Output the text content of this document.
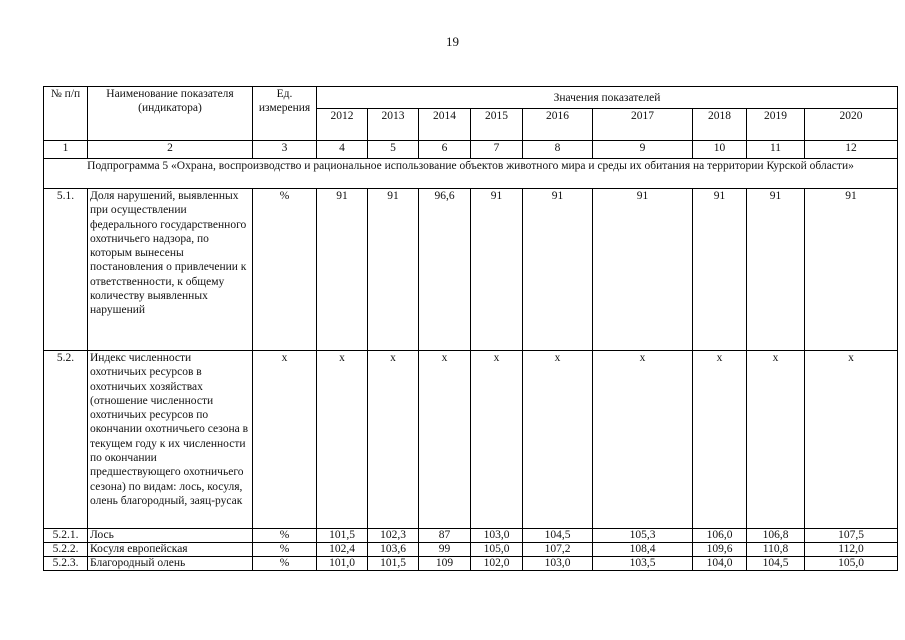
19
№ п/п	Наименование показателя (индикатора)	Ед. измерения	Значения показателей								
			2012	2013	2014	2015	2016	2017	2018	2019	2020
1	2	3	4	5	6	7	8	9	10	11	12
Подпрограмма 5 «Охрана, воспроизводство и рациональное использование объектов животного мира и среды их обитания на территории Курской области»											
5.1.	Доля нарушений, выявленных при осуществлении федерального государственного охотничьего надзора, по которым вынесены постановления о привлечении к ответственности, к общему количеству выявленных нарушений	%	91	91	96,6	91	91	91	91	91	91
5.2.	Индекс численности охотничьих ресурсов в охотничьих хозяйствах (отношение численности охотничьих ресурсов по окончании охотничьего сезона в текущем году к их численности по окончании предшествующего охотничьего сезона) по видам: лось, косуля, олень благородный, заяц-русак	х	х	х	х	х	х	х	х	х	х
5.2.1.	Лось	%	101,5	102,3	87	103,0	104,5	105,3	106,0	106,8	107,5
5.2.2.	Косуля европейская	%	102,4	103,6	99	105,0	107,2	108,4	109,6	110,8	112,0
5.2.3.	Благородный олень	%	101,0	101,5	109	102,0	103,0	103,5	104,0	104,5	105,0
